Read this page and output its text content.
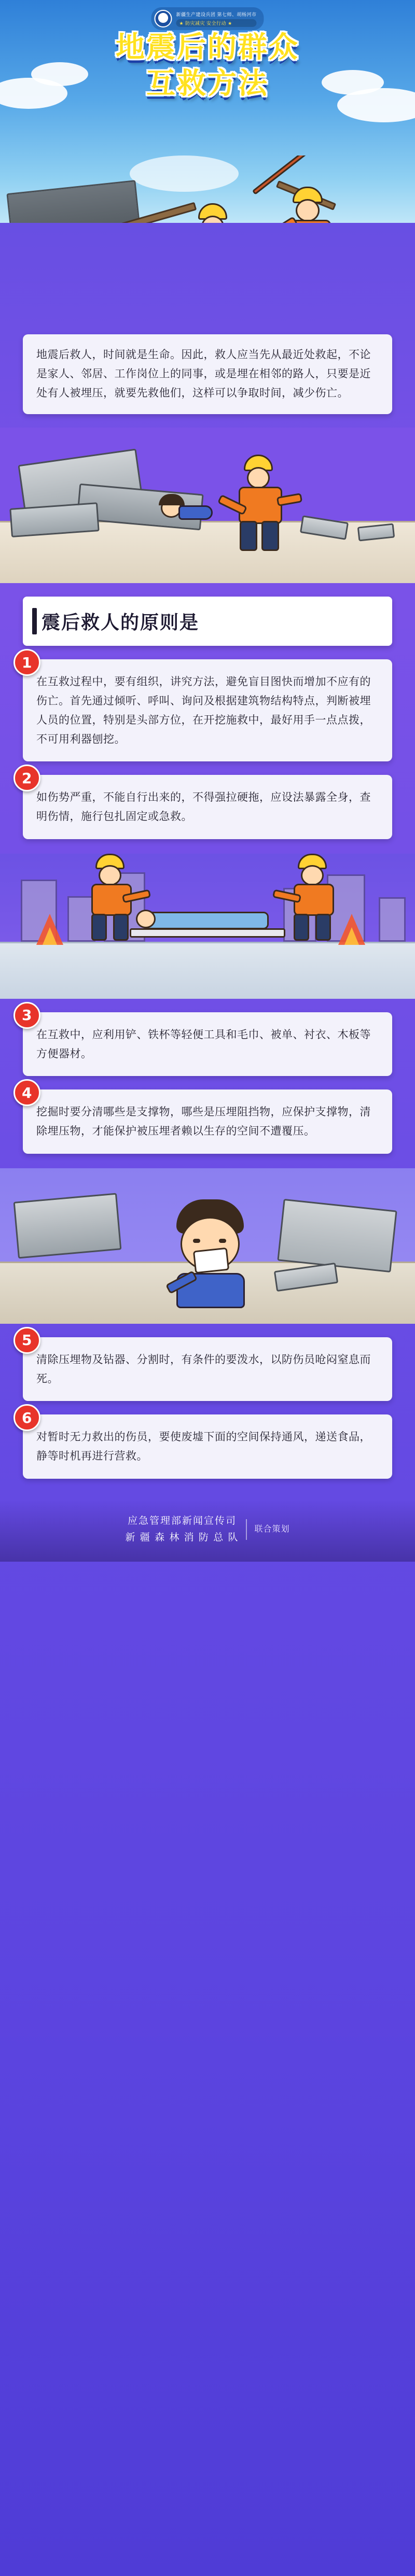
新疆生产建设兵团 第七师、胡杨河市
★ 防灾减灾 安全行动 ★
地震后的群众
互救方法
地震后救人，时间就是生命。因此，救人应当先从最近处救起，不论是家人、邻居、工作岗位上的同事，或是埋在相邻的路人，只要是近处有人被埋压，就要先救他们，这样可以争取时间，减少伤亡。
震后救人的原则是
1
在互救过程中，要有组织，讲究方法，避免盲目图快而增加不应有的伤亡。首先通过倾听、呼叫、询问及根据建筑物结构特点，判断被埋人员的位置，特别是头部方位，在开挖施救中，最好用手一点点拨，不可用利器刨挖。
2
如伤势严重，不能自行出来的，不得强拉硬拖，应设法暴露全身，查明伤情，施行包扎固定或急救。
3
在互救中，应利用铲、铁杯等轻便工具和毛巾、被单、衬衣、木板等方便器材。
4
挖掘时要分清哪些是支撑物，哪些是压埋阻挡物，应保护支撑物，清除埋压物，才能保护被压埋者赖以生存的空间不遭覆压。
5
清除压埋物及钻器、分割时，有条件的要泼水，以防伤员呛闷窒息而死。
6
对暂时无力救出的伤员，要使废墟下面的空间保持通风，递送食品，静等时机再进行营救。
应急管理部新闻宣传司
新 疆 森 林 消 防 总 队
联合策划
